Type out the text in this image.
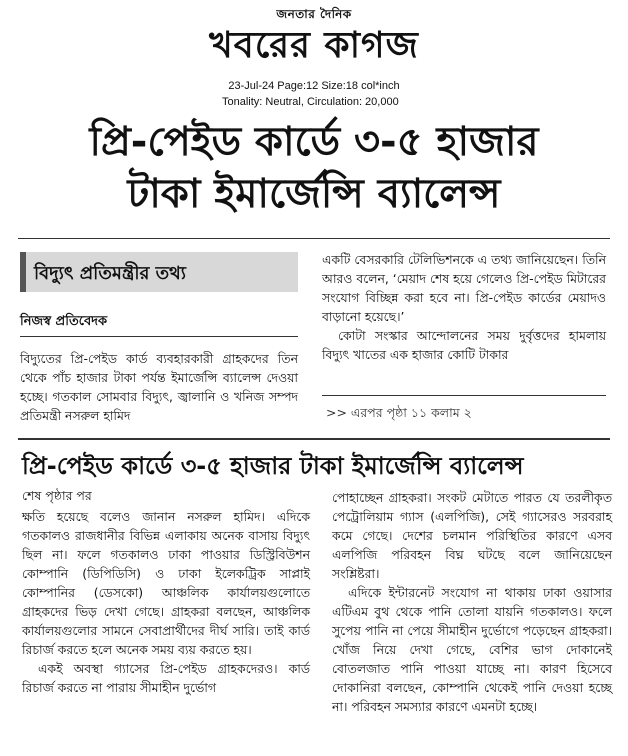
জনতার দৈনিক
খবরের কাগজ
23-Jul-24 Page:12 Size:18 col*inch
Tonality: Neutral, Circulation: 20,000
প্রি-পেইড কার্ডে ৩-৫ হাজার
টাকা ইমার্জেন্সি ব্যালেন্স
বিদ্যুৎ প্রতিমন্ত্রীর তথ্য
নিজস্ব প্রতিবেদক
বিদ্যুতের প্রি-পেইড কার্ড ব্যবহারকারী গ্রাহকদের তিন থেকে পাঁচ হাজার টাকা পর্যন্ত ইমার্জেন্সি ব্যালেন্স দেওয়া হচ্ছে। গতকাল সোমবার বিদ্যুৎ, জ্বালানি ও খনিজ সম্পদ প্রতিমন্ত্রী নসরুল হামিদ

একটি বেসরকারি টেলিভিশনকে এ তথ্য জানিয়েছেন। তিনি আরও বলেন, ‘মেয়াদ শেষ হয়ে গেলেও প্রি-পেইড মিটারের সংযোগ বিচ্ছিন্ন করা হবে না। প্রি-পেইড কার্ডের মেয়াদও বাড়ানো হয়েছে।’

কোটা সংস্কার আন্দোলনের সময় দুর্বৃত্তদের হামলায় বিদ্যুৎ খাতের এক হাজার কোটি টাকার

>> এরপর পৃষ্ঠা ১১ কলাম ২
প্রি-পেইড কার্ডে ৩-৫ হাজার টাকা ইমার্জেন্সি ব্যালেন্স
শেষ পৃষ্ঠার পর

ক্ষতি হয়েছে বলেও জানান নসরুল হামিদ। এদিকে গতকালও রাজধানীর বিভিন্ন এলাকায় অনেক বাসায় বিদ্যুৎ ছিল না। ফলে গতকালও ঢাকা পাওয়ার ডিস্ট্রিবিউশন কোম্পানি (ডিপিডিসি) ও ঢাকা ইলেকট্রিক সাপ্লাই কোম্পানির (ডেসকো) আঞ্চলিক কার্যালয়গুলোতে গ্রাহকদের ভিড় দেখা গেছে। গ্রাহকরা বলছেন, আঞ্চলিক কার্যালয়গুলোর সামনে সেবাপ্রার্থীদের দীর্ঘ সারি। তাই কার্ড রিচার্জ করতে হলে অনেক সময় ব্যয় করতে হয়।

একই অবস্থা গ্যাসের প্রি-পেইড গ্রাহকদেরও। কার্ড রিচার্জ করতে না পারায় সীমাহীন দুর্ভোগ

পোহাচ্ছেন গ্রাহকরা। সংকট মেটাতে পারত যে তরলীকৃত পেট্রোলিয়াম গ্যাস (এলপিজি), সেই গ্যাসেরও সরবরাহ কমে গেছে। দেশের চলমান পরিস্থিতির কারণে এসব এলপিজি পরিবহন বিঘ্ন ঘটছে বলে জানিয়েছেন সংশ্লিষ্টরা।

এদিকে ইন্টারনেট সংযোগ না থাকায় ঢাকা ওয়াসার এটিএম বুথ থেকে পানি তোলা যায়নি গতকালও। ফলে সুপেয় পানি না পেয়ে সীমাহীন দুর্ভোগে পড়েছেন গ্রাহকরা। খোঁজ নিয়ে দেখা গেছে, বেশির ভাগ দোকানেই বোতলজাত পানি পাওয়া যাচ্ছে না। কারণ হিসেবে দোকানিরা বলছেন, কোম্পানি থেকেই পানি দেওয়া হচ্ছে না। পরিবহন সমস্যার কারণে এমনটা হচ্ছে।
